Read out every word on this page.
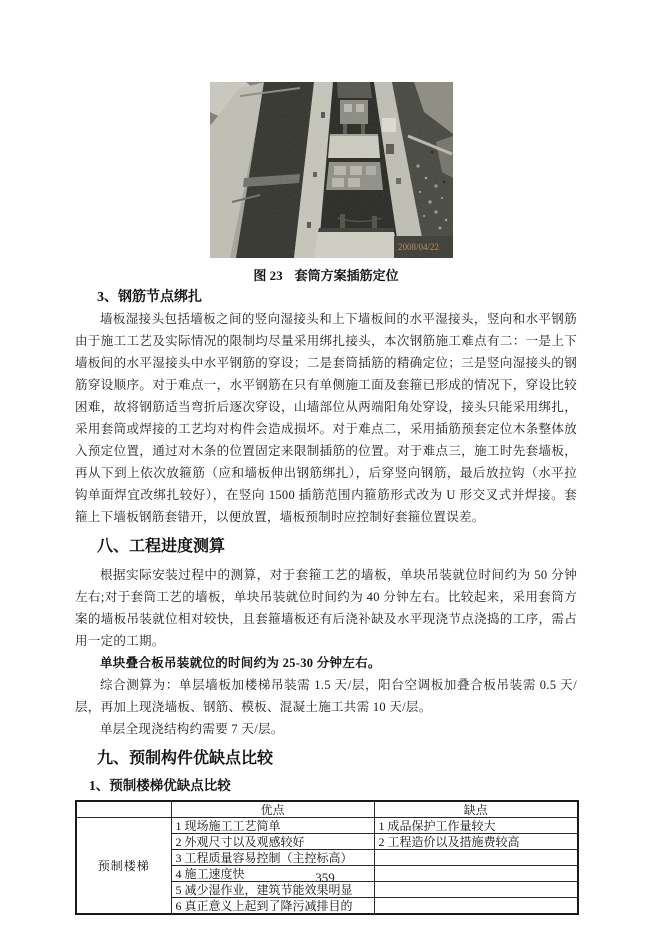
2008/04/22
图 23 套筒方案插筋定位
3、钢筋节点绑扎

墙板湿接头包括墙板之间的竖向湿接头和上下墙板间的水平湿接头，竖向和水平钢筋由于施工工艺及实际情况的限制均尽量采用绑扎接头，本次钢筋施工难点有二：一是上下墙板间的水平湿接头中水平钢筋的穿设；二是套筒插筋的精确定位；三是竖向湿接头的钢筋穿设顺序。对于难点一，水平钢筋在只有单侧施工面及套箍已形成的情况下，穿设比较困难，故将钢筋适当弯折后逐次穿设，山墙部位从两端阳角处穿设，接头只能采用绑扎，采用套筒或焊接的工艺均对构件会造成损坏。对于难点二，采用插筋预套定位木条整体放入预定位置，通过对木条的位置固定来限制插筋的位置。对于难点三，施工时先套墙板，再从下到上依次放箍筋（应和墙板伸出钢筋绑扎），后穿竖向钢筋，最后放拉钩（水平拉钩单面焊宜改绑扎较好），在竖向 1500 插筋范围内箍筋形式改为 U 形交叉式并焊接。套箍上下墙板钢筋套错开，以便放置，墙板预制时应控制好套箍位置误差。

八、工程进度测算

根据实际安装过程中的测算，对于套箍工艺的墙板，单块吊装就位时间约为 50 分钟左右;对于套筒工艺的墙板，单块吊装就位时间约为 40 分钟左右。比较起来，采用套筒方案的墙板吊装就位相对较快，且套箍墙板还有后浇补缺及水平现浇节点浇捣的工序，需占用一定的工期。

单块叠合板吊装就位的时间约为 25-30 分钟左右。

综合测算为：单层墙板加楼梯吊装需 1.5 天/层，阳台空调板加叠合板吊装需 0.5 天/层，再加上现浇墙板、钢筋、模板、混凝土施工共需 10 天/层。

单层全现浇结构约需要 7 天/层。

九、预制构件优缺点比较
1、预制楼梯优缺点比较
	优点	缺点
预制楼梯	1 现场施工工艺简单	1 成品保护工作量较大
	2 外观尺寸以及观感较好	2 工程造价以及措施费较高
	3 工程质量容易控制（主控标高）	
	4 施工速度快	
	5 减少湿作业，建筑节能效果明显	
	6 真正意义上起到了降污减排目的	
359
